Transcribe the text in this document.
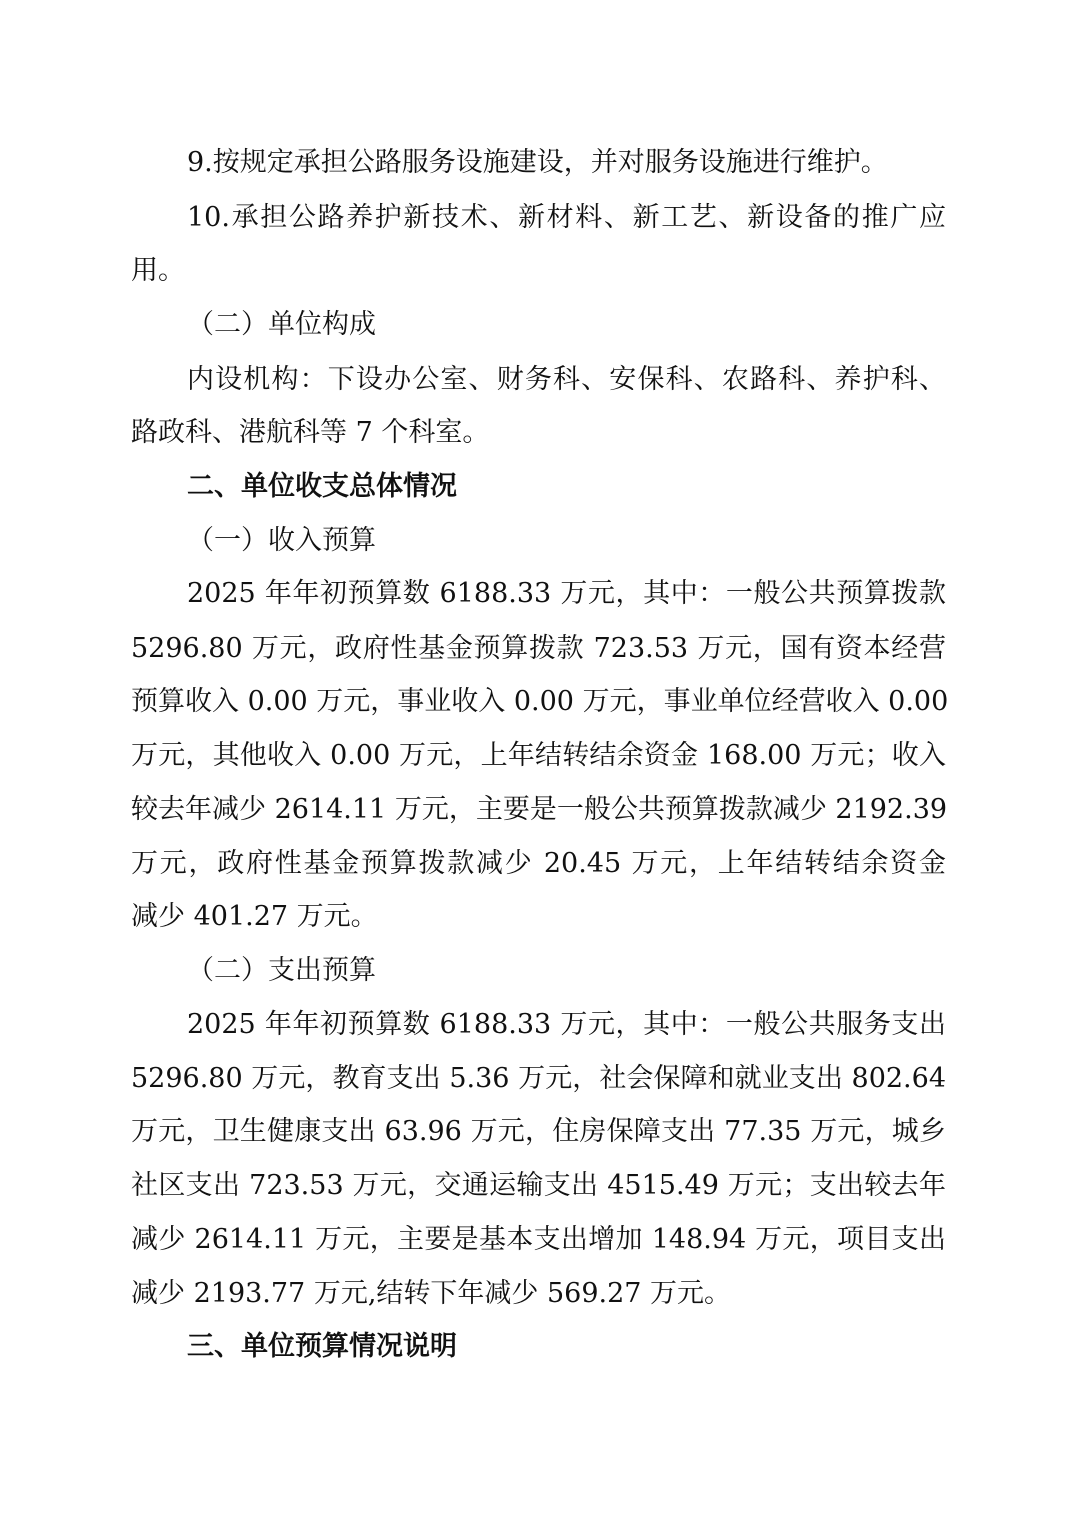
9.按规定承担公路服务设施建设，并对服务设施进行维护。
10.承担公路养护新技术、新材料、新工艺、新设备的推广应
用。
（二）单位构成
内设机构：下设办公室、财务科、安保科、农路科、养护科、
路政科、港航科等 7 个科室。
二、单位收支总体情况
（一）收入预算
2025 年年初预算数 6188.33 万元，其中：一般公共预算拨款
5296.80 万元，政府性基金预算拨款 723.53 万元，国有资本经营
预算收入 0.00 万元，事业收入 0.00 万元，事业单位经营收入 0.00
万元，其他收入 0.00 万元，上年结转结余资金 168.00 万元；收入
较去年减少 2614.11 万元，主要是一般公共预算拨款减少 2192.39
万元，政府性基金预算拨款减少 20.45 万元，上年结转结余资金
减少 401.27 万元。
（二）支出预算
2025 年年初预算数 6188.33 万元，其中：一般公共服务支出
5296.80 万元，教育支出 5.36 万元，社会保障和就业支出 802.64
万元，卫生健康支出 63.96 万元，住房保障支出 77.35 万元，城乡
社区支出 723.53 万元，交通运输支出 4515.49 万元；支出较去年
减少 2614.11 万元，主要是基本支出增加 148.94 万元，项目支出
减少 2193.77 万元,结转下年减少 569.27 万元。
三、单位预算情况说明
